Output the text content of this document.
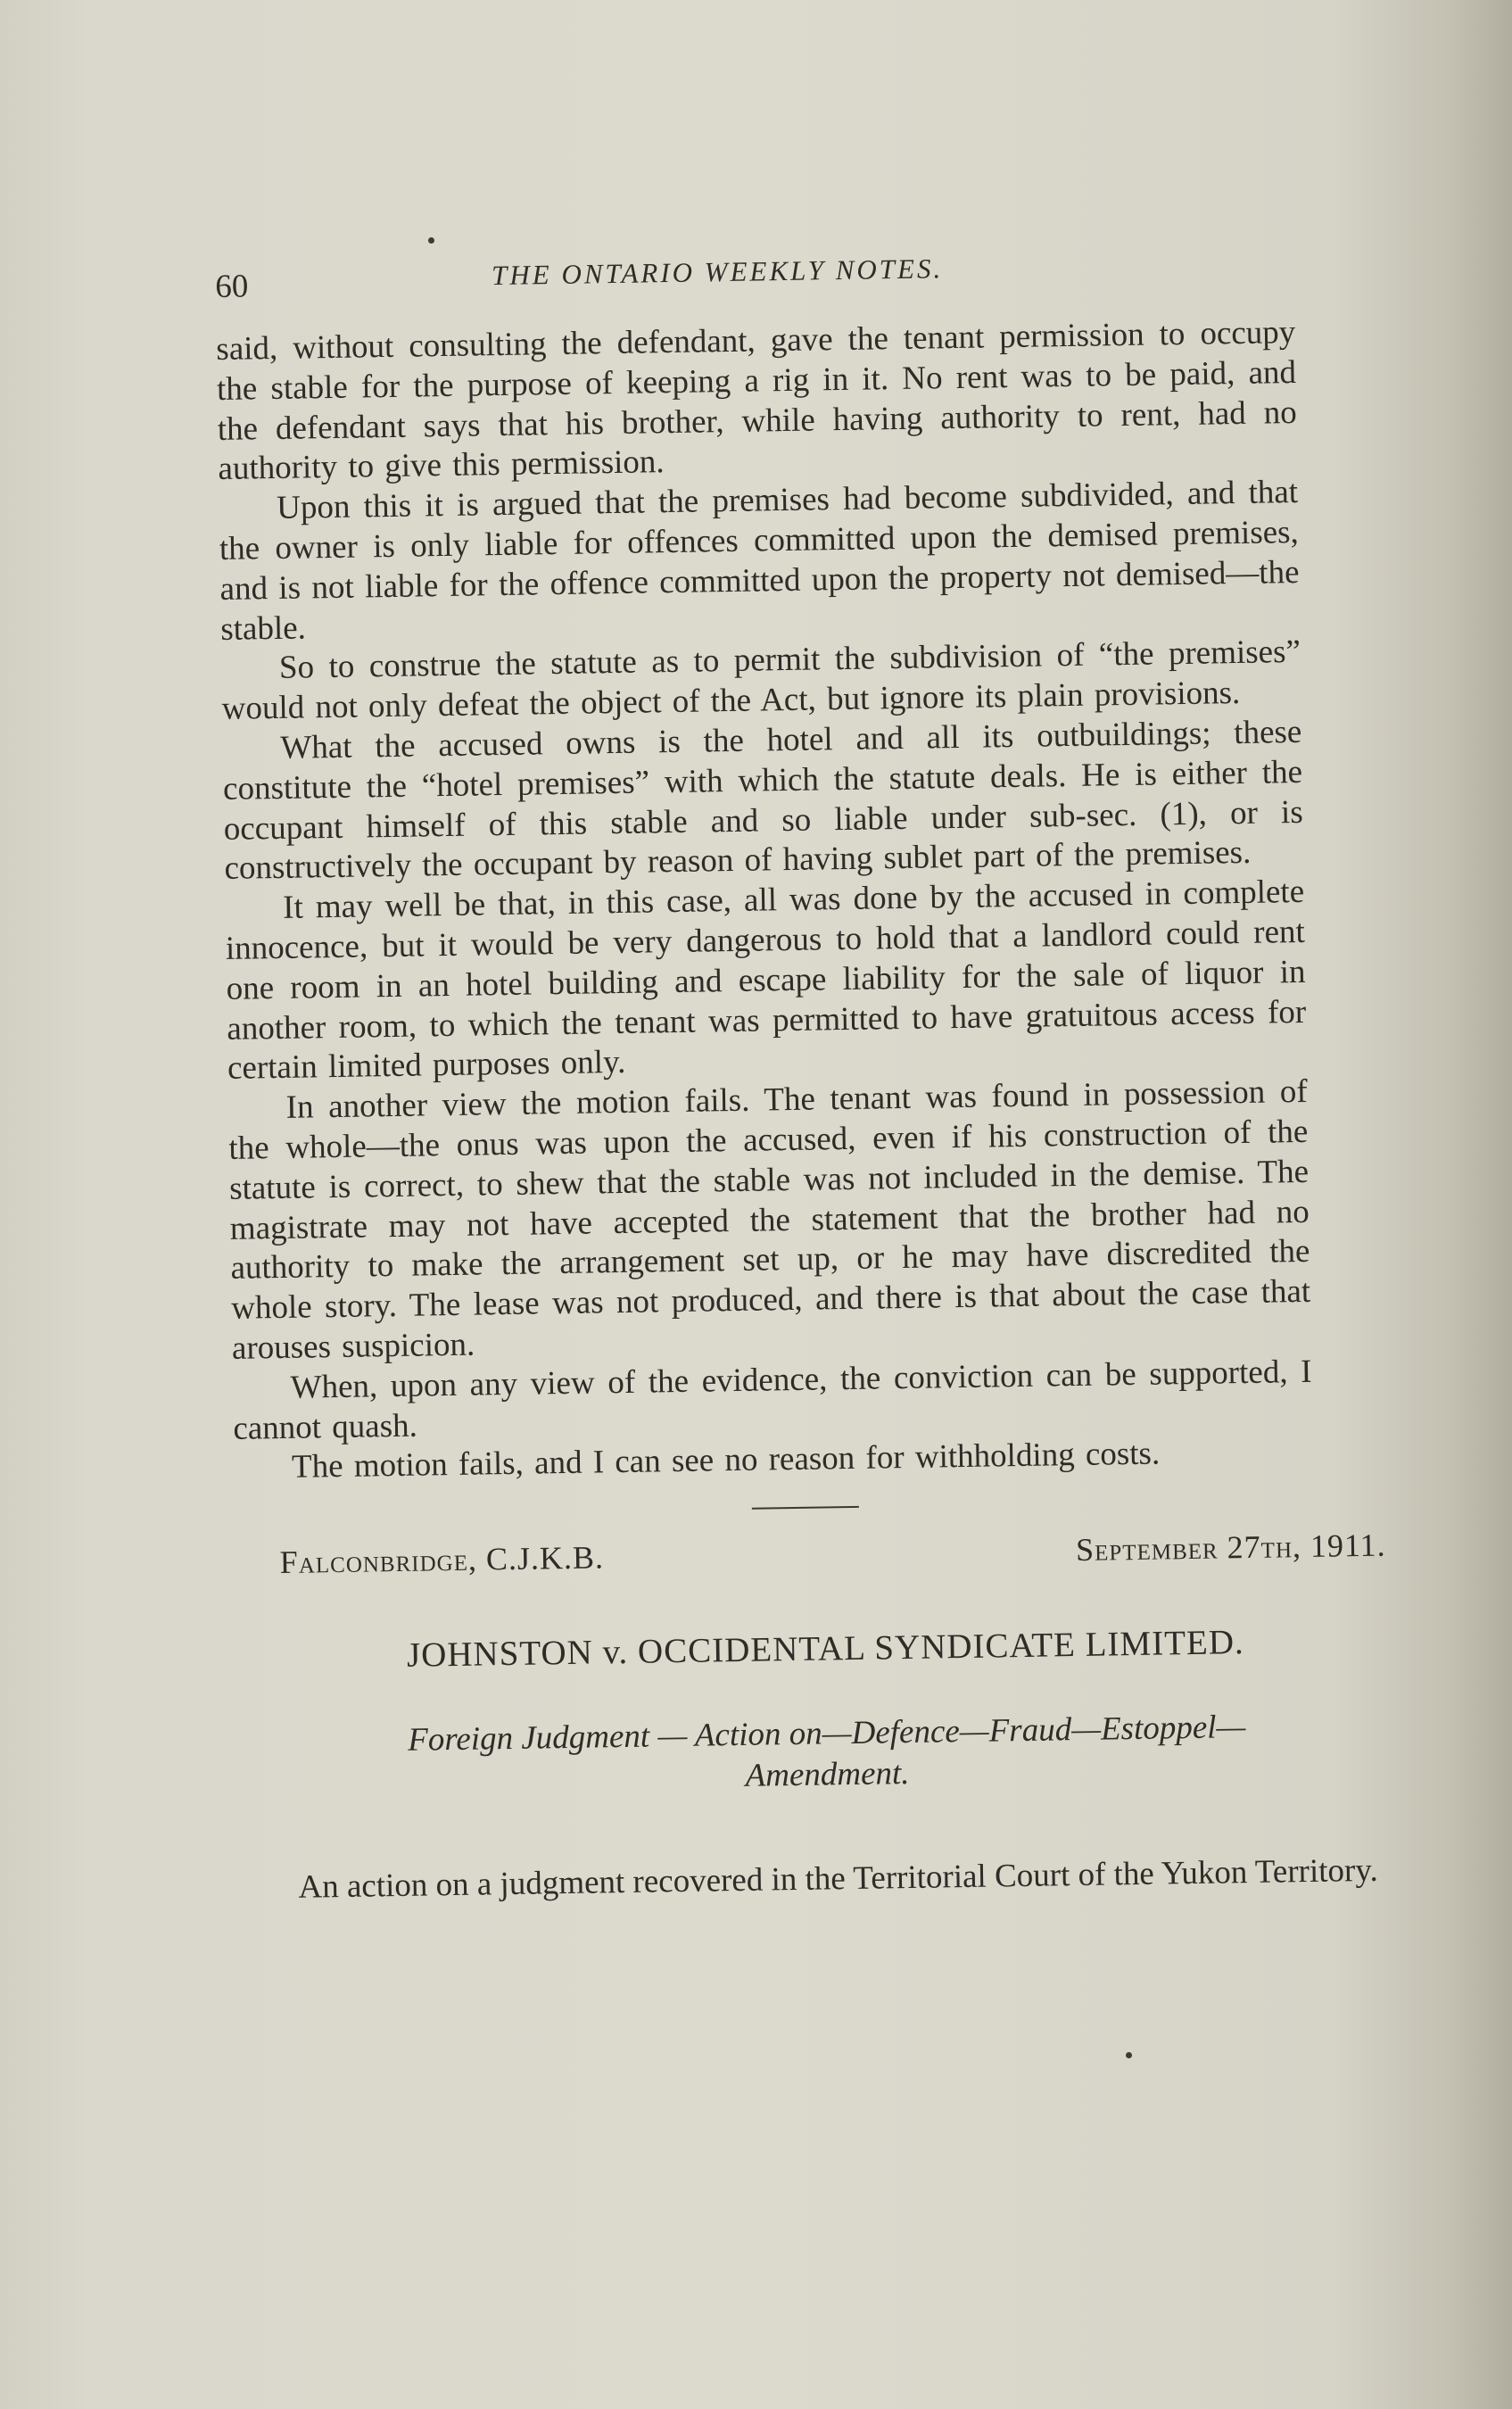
60	THE ONTARIO WEEKLY NOTES.

said, without consulting the defendant, gave the tenant permission to occupy the stable for the purpose of keeping a rig in it. No rent was to be paid, and the defendant says that his brother, while having authority to rent, had no authority to give this permission.

Upon this it is argued that the premises had become subdivided, and that the owner is only liable for offences committed upon the demised premises, and is not liable for the offence committed upon the property not demised—the stable.

So to construe the statute as to permit the subdivision of “the premises” would not only defeat the object of the Act, but ignore its plain provisions.

What the accused owns is the hotel and all its outbuildings; these constitute the “hotel premises” with which the statute deals. He is either the occupant himself of this stable and so liable under sub-sec. (1), or is constructively the occupant by reason of having sublet part of the premises.

It may well be that, in this case, all was done by the accused in complete innocence, but it would be very dangerous to hold that a landlord could rent one room in an hotel building and escape liability for the sale of liquor in another room, to which the tenant was permitted to have gratuitous access for certain limited purposes only.

In another view the motion fails. The tenant was found in possession of the whole—the onus was upon the accused, even if his construction of the statute is correct, to shew that the stable was not included in the demise. The magistrate may not have accepted the statement that the brother had no authority to make the arrangement set up, or he may have discredited the whole story. The lease was not produced, and there is that about the case that arouses suspicion.

When, upon any view of the evidence, the conviction can be supported, I cannot quash.

The motion fails, and I can see no reason for withholding costs.

Falconbridge, C.J.K.B.	September 27th, 1911.
JOHNSTON v. OCCIDENTAL SYNDICATE LIMITED.
Foreign Judgment — Action on—Defence—Fraud—Estoppel—
Amendment.
An action on a judgment recovered in the Territorial Court of the Yukon Territory.
